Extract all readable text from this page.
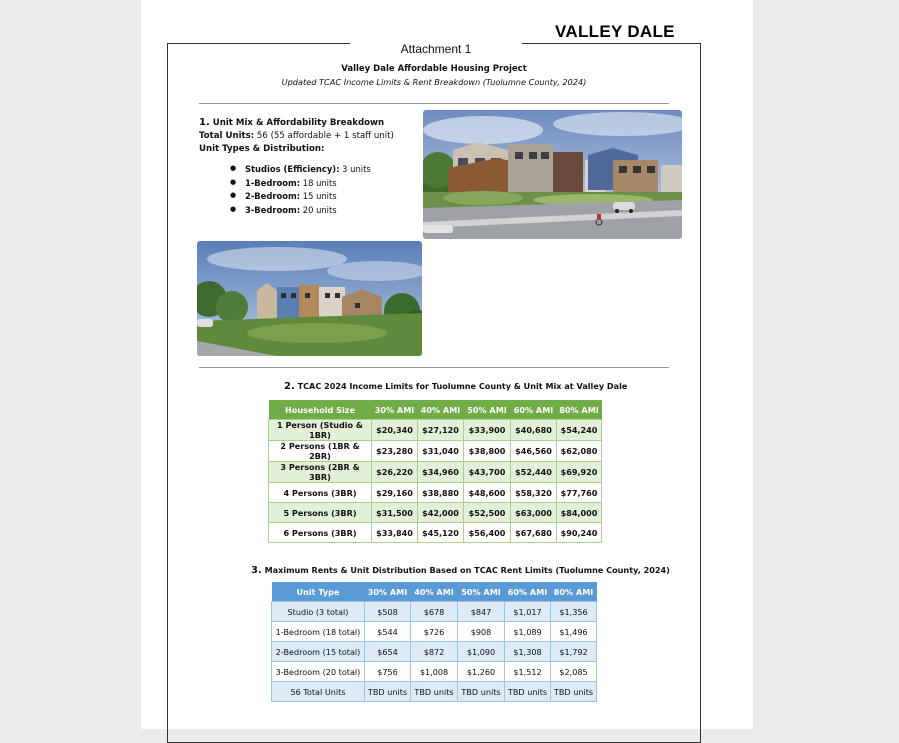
Attachment 1
VALLEY DALE
Valley Dale Affordable Housing Project
Updated TCAC Income Limits & Rent Breakdown (Tuolumne County, 2024)
1. Unit Mix & Affordability Breakdown
Total Units: 56 (55 affordable + 1 staff unit)
Unit Types & Distribution:
● Studios (Efficiency): 3 units
● 1-Bedroom: 18 units
● 2-Bedroom: 15 units
● 3-Bedroom: 20 units
2. TCAC 2024 Income Limits for Tuolumne County & Unit Mix at Valley Dale
Household Size	30% AMI	40% AMI	50% AMI	60% AMI	80% AMI
1 Person (Studio & 1BR)	$20,340	$27,120	$33,900	$40,680	$54,240
2 Persons (1BR & 2BR)	$23,280	$31,040	$38,800	$46,560	$62,080
3 Persons (2BR & 3BR)	$26,220	$34,960	$43,700	$52,440	$69,920
4 Persons (3BR)	$29,160	$38,880	$48,600	$58,320	$77,760
5 Persons (3BR)	$31,500	$42,000	$52,500	$63,000	$84,000
6 Persons (3BR)	$33,840	$45,120	$56,400	$67,680	$90,240
3. Maximum Rents & Unit Distribution Based on TCAC Rent Limits (Tuolumne County, 2024)
Unit Type	30% AMI	40% AMI	50% AMI	60% AMI	80% AMI
Studio (3 total)	$508	$678	$847	$1,017	$1,356
1-Bedroom (18 total)	$544	$726	$908	$1,089	$1,496
2-Bedroom (15 total)	$654	$872	$1,090	$1,308	$1,792
3-Bedroom (20 total)	$756	$1,008	$1,260	$1,512	$2,085
56 Total Units	TBD units	TBD units	TBD units	TBD units	TBD units
